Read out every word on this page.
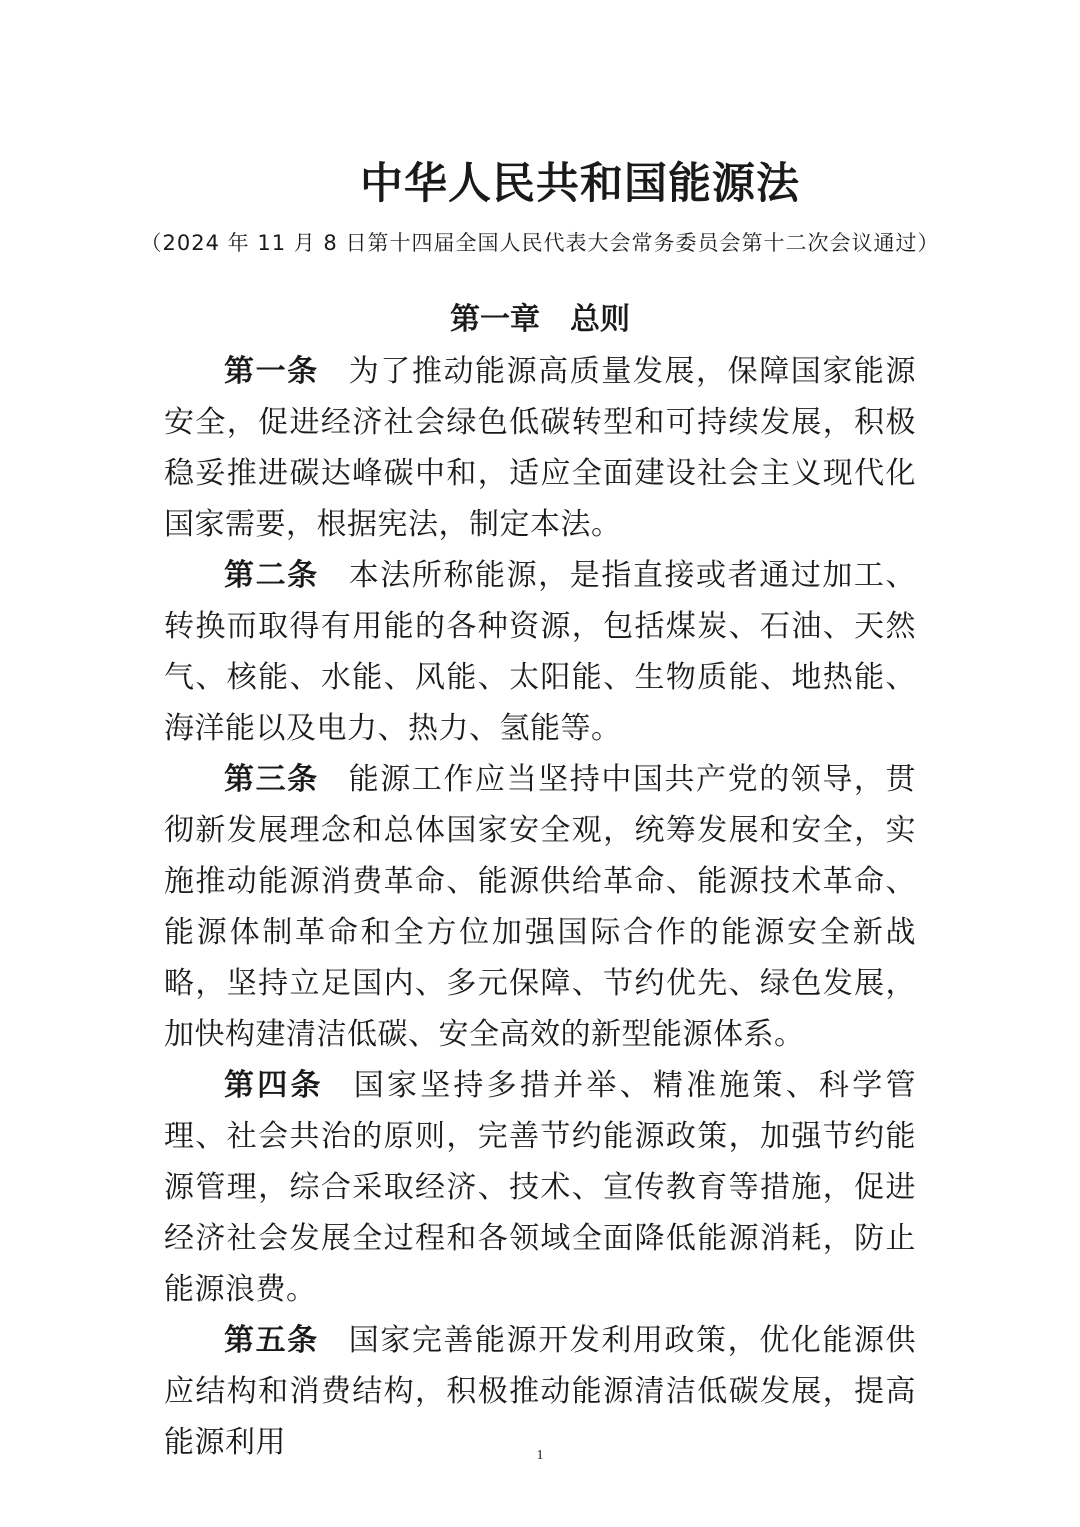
中华人民共和国能源法

（2024 年 11 月 8 日第十四届全国人民代表大会常务委员会第十二次会议通过）

第一章　总则

第一条 为了推动能源高质量发展，保障国家能源安全，促进经济社会绿色低碳转型和可持续发展，积极稳妥推进碳达峰碳中和，适应全面建设社会主义现代化国家需要，根据宪法，制定本法。

第二条 本法所称能源，是指直接或者通过加工、转换而取得有用能的各种资源，包括煤炭、石油、天然气、核能、水能、风能、太阳能、生物质能、地热能、海洋能以及电力、热力、氢能等。

第三条 能源工作应当坚持中国共产党的领导，贯彻新发展理念和总体国家安全观，统筹发展和安全，实施推动能源消费革命、能源供给革命、能源技术革命、能源体制革命和全方位加强国际合作的能源安全新战略，坚持立足国内、多元保障、节约优先、绿色发展，加快构建清洁低碳、安全高效的新型能源体系。

第四条 国家坚持多措并举、精准施策、科学管理、社会共治的原则，完善节约能源政策，加强节约能源管理，综合采取经济、技术、宣传教育等措施，促进经济社会发展全过程和各领域全面降低能源消耗，防止能源浪费。

第五条 国家完善能源开发利用政策，优化能源供应结构和消费结构，积极推动能源清洁低碳发展，提高能源利用	1
